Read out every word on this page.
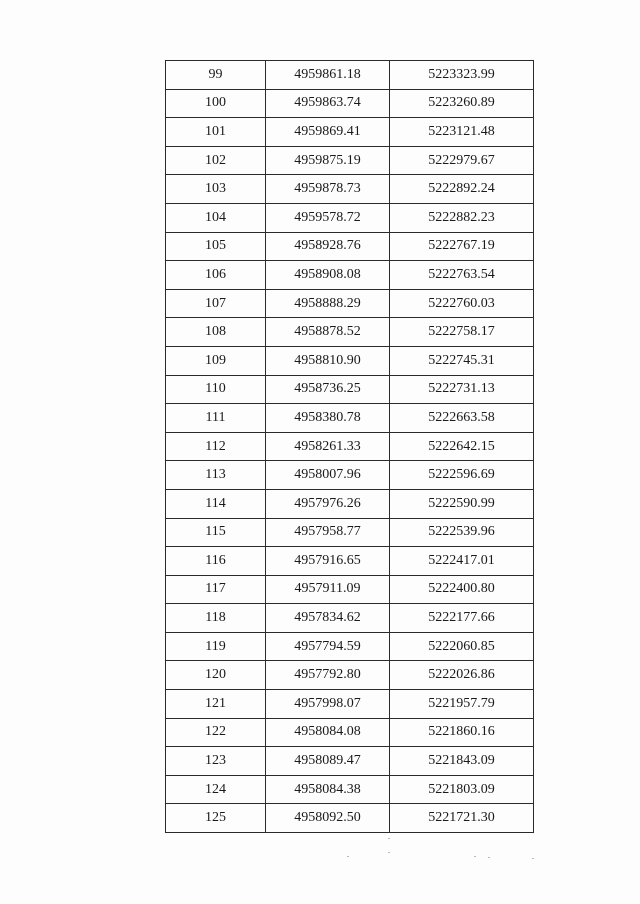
99	4959861.18	5223323.99
100	4959863.74	5223260.89
101	4959869.41	5223121.48
102	4959875.19	5222979.67
103	4959878.73	5222892.24
104	4959578.72	5222882.23
105	4958928.76	5222767.19
106	4958908.08	5222763.54
107	4958888.29	5222760.03
108	4958878.52	5222758.17
109	4958810.90	5222745.31
110	4958736.25	5222731.13
111	4958380.78	5222663.58
112	4958261.33	5222642.15
113	4958007.96	5222596.69
114	4957976.26	5222590.99
115	4957958.77	5222539.96
116	4957916.65	5222417.01
117	4957911.09	5222400.80
118	4957834.62	5222177.66
119	4957794.59	5222060.85
120	4957792.80	5222026.86
121	4957998.07	5221957.79
122	4958084.08	5221860.16
123	4958089.47	5221843.09
124	4958084.38	5221803.09
125	4958092.50	5221721.30
